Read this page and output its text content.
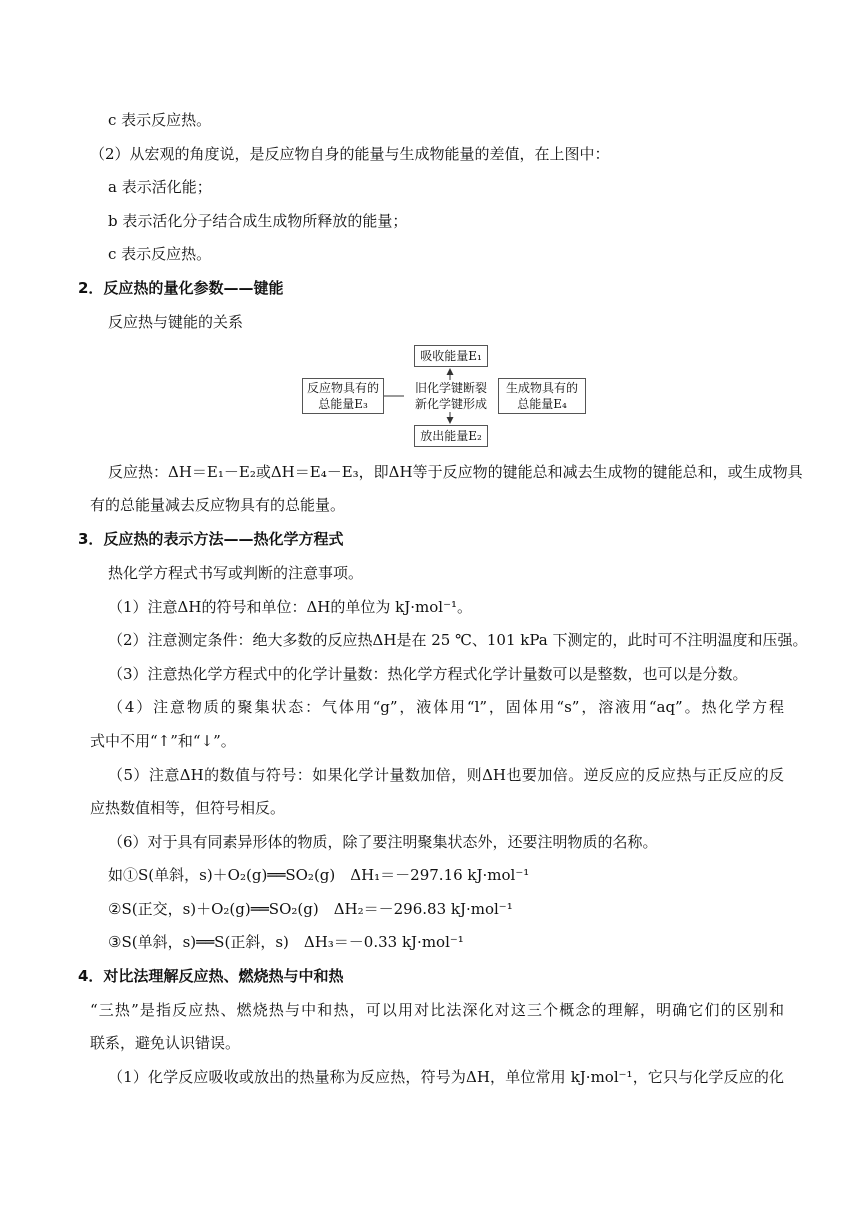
c 表示反应热。
（2）从宏观的角度说，是反应物自身的能量与生成物能量的差值，在上图中：
a 表示活化能；
b 表示活化分子结合成生成物所释放的能量；
c 表示反应热。
2．反应热的量化参数——键能
反应热与键能的关系
吸收能量E₁
反应物具有的
总能量E₃
旧化学键断裂
新化学键形成
生成物具有的
总能量E₄
放出能量E₂
反应热：ΔH＝E₁－E₂或ΔH＝E₄－E₃，即ΔH等于反应物的键能总和减去生成物的键能总和，或生成物具
有的总能量减去反应物具有的总能量。
3．反应热的表示方法——热化学方程式
热化学方程式书写或判断的注意事项。
（1）注意ΔH的符号和单位：ΔH的单位为 kJ·mol⁻¹。
（2）注意测定条件：绝大多数的反应热ΔH是在 25 ℃、101 kPa 下测定的，此时可不注明温度和压强。
（3）注意热化学方程式中的化学计量数：热化学方程式化学计量数可以是整数，也可以是分数。
（4）注意物质的聚集状态：气体用“g”，液体用“l”，固体用“s”，溶液用“aq”。热化学方程
式中不用“↑”和“↓”。
（5）注意ΔH的数值与符号：如果化学计量数加倍，则ΔH也要加倍。逆反应的反应热与正反应的反
应热数值相等，但符号相反。
（6）对于具有同素异形体的物质，除了要注明聚集状态外，还要注明物质的名称。
如①S(单斜，s)＋O₂(g)══SO₂(g)　ΔH₁＝－297.16 kJ·mol⁻¹
②S(正交，s)＋O₂(g)══SO₂(g)　ΔH₂＝－296.83 kJ·mol⁻¹
③S(单斜，s)══S(正斜，s)　ΔH₃＝－0.33 kJ·mol⁻¹
4．对比法理解反应热、燃烧热与中和热
“三热”是指反应热、燃烧热与中和热，可以用对比法深化对这三个概念的理解，明确它们的区别和
联系，避免认识错误。
（1）化学反应吸收或放出的热量称为反应热，符号为ΔH，单位常用 kJ·mol⁻¹，它只与化学反应的化
